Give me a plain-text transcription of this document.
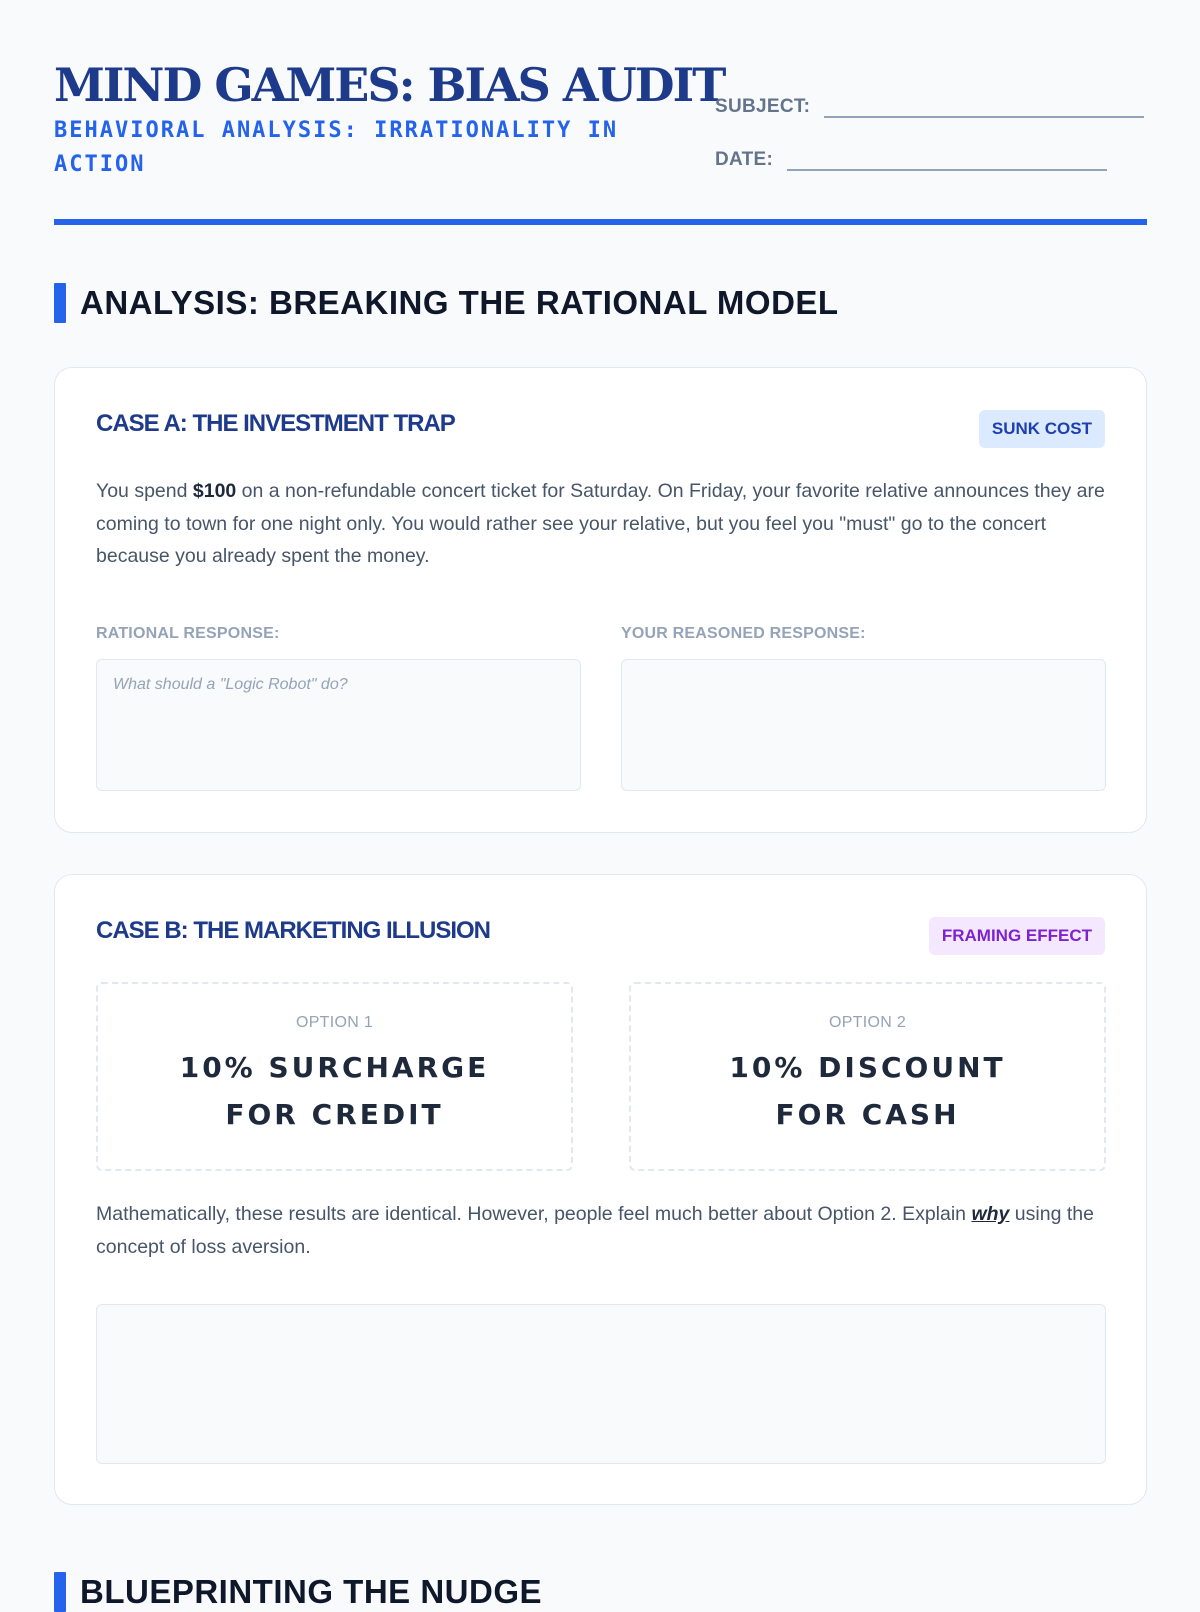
MIND GAMES: BIAS AUDIT

BEHAVIORAL ANALYSIS: IRRATIONALITY IN ACTION

SUBJECT:
DATE:
ANALYSIS: BREAKING THE RATIONAL MODEL
CASE A: THE INVESTMENT TRAP	SUNK COST

You spend $100 on a non-refundable concert ticket for Saturday. On Friday, your favorite relative announces they are coming to town for one night only. You would rather see your relative, but you feel you "must" go to the concert because you already spent the money.

RATIONAL RESPONSE:
What should a "Logic Robot" do?
YOUR REASONED RESPONSE:
CASE B: THE MARKETING ILLUSION	FRAMING EFFECT
OPTION 1
10% SURCHARGE FOR CREDIT
OPTION 2
10% DISCOUNT FOR CASH

Mathematically, these results are identical. However, people feel much better about Option 2. Explain why using the concept of loss aversion.

BLUEPRINTING THE NUDGE
